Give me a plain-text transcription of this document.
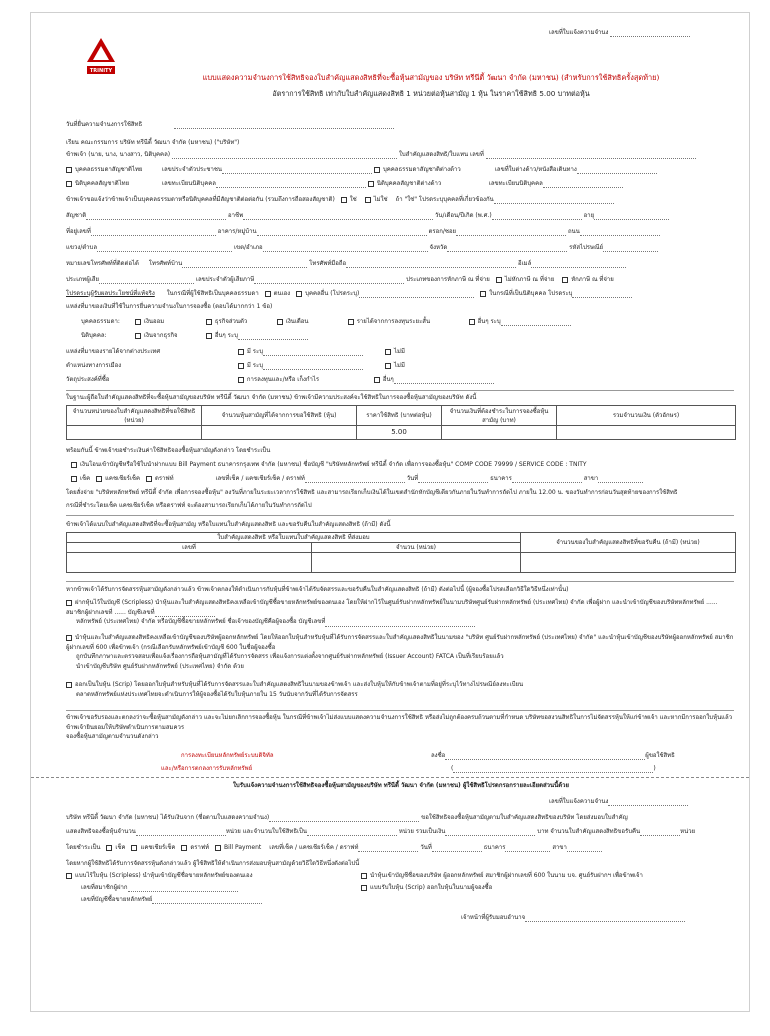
เลขที่ใบแจ้งความจำนง
TRINITY
แบบแสดงความจำนงการใช้สิทธิจองใบสำคัญแสดงสิทธิที่จะซื้อหุ้นสามัญของ บริษัท ทรีนีตี้ วัฒนา จำกัด (มหาชน) (สำหรับการใช้สิทธิครั้งสุดท้าย)
อัตราการใช้สิทธิ เท่ากับใบสำคัญแสดงสิทธิ 1 หน่วยต่อหุ้นสามัญ 1 หุ้น ในราคาใช้สิทธิ 5.00 บาทต่อหุ้น
วันที่ยื่นความจำนงการใช้สิทธิ
เรียน คณะกรรมการ บริษัท ทรีนีตี้ วัฒนา จำกัด (มหาชน) ("บริษัท")
ข้าพเจ้า (นาย, นาง, นางสาว, นิติบุคคล)	ใบสำคัญแสดงสิทธิ/ใบแทน เลขที่
บุคคลธรรมดาสัญชาติไทย	เลขประจำตัวประชาชน	บุคคลธรรมดาสัญชาติต่างด้าว	เลขที่ใบต่างด้าว/หนังสือเดินทาง
นิติบุคคลสัญชาติไทย	เลขทะเบียนนิติบุคคล	นิติบุคคลสัญชาติต่างด้าว	เลขทะเบียนนิติบุคคล
ข้าพเจ้าขอแจ้งว่าข้าพเจ้าเป็นบุคคลธรรมดาหรือนิติบุคคลที่มีสัญชาติต่อต่อกัน (รวมถึงการถือสองสัญชาติ) ใช่	ไม่ใช่ ถ้า "ใช่" โปรดระบุบุคคลที่เกี่ยวข้องกัน
สัญชาติ	อาชีพ	วัน/เดือน/ปีเกิด (พ.ศ.)	อายุ
ที่อยู่เลขที่	อาคาร/หมู่บ้าน	ตรอก/ซอย	ถนน
แขวง/ตำบล	เขต/อำเภอ	จังหวัด	รหัสไปรษณีย์
หมายเลขโทรศัพท์ที่ติดต่อได้ โทรศัพท์บ้าน	โทรศัพท์มือถือ	อีเมล์
ประเภทผู้เสีย	เลขประจำตัวผู้เสียภาษี	ประเภทของการหักภาษี ณ ที่จ่าย ไม่หักภาษี ณ ที่จ่าย	หักภาษี ณ ที่จ่าย
โปรดระบุผู้รับผลประโยชน์ที่แท้จริง ในกรณีที่ผู้ใช้สิทธิเป็นบุคคลธรรมดา ตนเอง บุคคลอื่น (โปรดระบุ)	ในกรณีที่เป็นนิติบุคคล โปรดระบุ
แหล่งที่มาของเงินที่ใช้ในการยื่นความจำนงในการจองซื้อ (ตอบได้มากกว่า 1 ข้อ)
บุคคลธรรมดา:	เงินออม	ธุรกิจส่วนตัว	เงินเดือน	รายได้จากการลงทุนระยะสั้น	อื่นๆ ระบุ
นิติบุคคล:	เงินจากธุรกิจ	อื่นๆ ระบุ
แหล่งที่มาของรายได้จากต่างประเทศ	มี ระบุ	ไม่มี
ตำแหน่งทางการเมือง	มี ระบุ	ไม่มี
วัตถุประสงค์ที่ซื้อ	การลงทุนและ/หรือ เก็งกำไร	อื่นๆ
ในฐานะผู้ถือใบสำคัญแสดงสิทธิที่จะซื้อหุ้นสามัญของบริษัท ทรีนีตี้ วัฒนา จำกัด (มหาชน) ข้าพเจ้ามีความประสงค์จะใช้สิทธิในการจองซื้อหุ้นสามัญของบริษัท ดังนี้
จำนวนหน่วยของใบสำคัญแสดงสิทธิที่ขอใช้สิทธิ (หน่วย)	จำนวนหุ้นสามัญที่ได้จากการขอใช้สิทธิ (หุ้น)	ราคาใช้สิทธิ (บาทต่อหุ้น)	จำนวนเงินที่ต้องชำระในการจองซื้อหุ้นสามัญ (บาท)	รวมจำนวนเงิน (ตัวอักษร)
		5.00		
พร้อมกันนี้ ข้าพเจ้าขอชำระเงินค่าใช้สิทธิจองซื้อหุ้นสามัญดังกล่าว โดยชำระเป็น
เงินโอนเข้าบัญชีหรือใช้ใบนำฝากแบบ Bill Payment ธนาคารกรุงเทพ จำกัด (มหาชน) ชื่อบัญชี "บริษัทหลักทรัพย์ ทรีนีตี้ จำกัด เพื่อการจองซื้อหุ้น" COMP CODE 79999 / SERVICE CODE : TNITY
เช็ค แคชเชียร์เช็ค ดราฟท์	เลขที่เช็ค / แคชเชียร์เช็ค / ดราฟท์	วันที่	ธนาคาร	สาขา
โดยสั่งจ่าย "บริษัทหลักทรัพย์ ทรีนีตี้ จำกัด เพื่อการจองซื้อหุ้น" ลงวันที่ภายในระยะเวลาการใช้สิทธิ และสามารถเรียกเก็บเงินได้ในเขตสำนักหักบัญชีเดียวกันภายในวันทำการถัดไป ภายใน 12.00 น. ของวันทำการก่อนวันสุดท้ายของการใช้สิทธิ
กรณีที่ชำระโดยเช็ค แคชเชียร์เช็ค หรือดราฟท์ จะต้องสามารถเรียกเก็บได้ภายในวันทำการถัดไป
ข้าพเจ้าได้แนบใบสำคัญแสดงสิทธิที่จะซื้อหุ้นสามัญ หรือใบแทนใบสำคัญแสดงสิทธิ และขอรับคืนใบสำคัญแสดงสิทธิ (ถ้ามี) ดังนี้
ใบสำคัญแสดงสิทธิ หรือใบแทนใบสำคัญแสดงสิทธิ ที่ส่งมอบ		จำนวนของใบสำคัญแสดงสิทธิที่ขอรับคืน (ถ้ามี) (หน่วย)
เลขที่	จำนวน (หน่วย)	

หากข้าพเจ้าได้รับการจัดสรรหุ้นสามัญดังกล่าวแล้ว ข้าพเจ้าตกลงให้ดำเนินการกับหุ้นที่ข้าพเจ้าได้รับจัดสรรและขอรับคืนใบสำคัญแสดงสิทธิ (ถ้ามี) ดังต่อไปนี้ (ผู้จองซื้อโปรดเลือกวิธีใดวิธีหนึ่งเท่านั้น)
ฝากหุ้นไว้ในบัญชี (Scripless) นำหุ้นและใบสำคัญแสดงสิทธิคงเหลือเข้าบัญชีซื้อขายหลักทรัพย์ของตนเอง โดยให้ฝากไว้ในศูนย์รับฝากหลักทรัพย์ในนามบริษัทศูนย์รับฝากหลักทรัพย์ (ประเทศไทย) จำกัด เพื่อผู้ฝาก และนำเข้าบัญชีของบริษัทหลักทรัพย์ ...... สมาชิกผู้ฝากเลขที่ ...... บัญชีเลขที่
หลักทรัพย์ (ประเทศไทย) จำกัด หรือบัญชีซื้อขายหลักทรัพย์ ชื่อเจ้าของบัญชีคือผู้จองซื้อ บัญชีเลขที่
นำหุ้นและใบสำคัญแสดงสิทธิคงเหลือเข้าบัญชีของบริษัทผู้ออกหลักทรัพย์ โดยให้ออกใบหุ้นสำหรับหุ้นที่ได้รับการจัดสรรและใบสำคัญแสดงสิทธิในนามของ "บริษัท ศูนย์รับฝากหลักทรัพย์ (ประเทศไทย) จำกัด" และนำหุ้นเข้าบัญชีของบริษัทผู้ออกหลักทรัพย์ สมาชิกผู้ฝากเลขที่ 600 เพื่อข้าพเจ้า (กรณีเลือกรับหลักทรัพย์เข้าบัญชี 600 ในชื่อผู้จองซื้อ
ถูกบันทึกภาษาและตรวจสอบเพื่อแจ้งเรื่องการถือหุ้นสามัญที่ได้รับการจัดสรร เพื่อแจ้งการแต่งตั้งจากศูนย์รับฝากหลักทรัพย์ (Issuer Account) FATCA เป็นที่เรียบร้อยแล้ว
นำเข้าบัญชีบริษัท ศูนย์รับฝากหลักทรัพย์ (ประเทศไทย) จำกัด ด้วย
ออกเป็นใบหุ้น (Scrip) โดยออกใบหุ้นสำหรับหุ้นที่ได้รับการจัดสรรและใบสำคัญแสดงสิทธิในนามของข้าพเจ้า และส่งใบหุ้นให้กับข้าพเจ้าตามที่อยู่ที่ระบุไว้ทางไปรษณีย์ลงทะเบียน
ตลาดหลักทรัพย์แห่งประเทศไทยจะดำเนินการให้ผู้จองซื้อได้รับใบหุ้นภายใน 15 วันนับจากวันที่ได้รับการจัดสรร
ข้าพเจ้าขอรับรองและตกลงว่าจะซื้อหุ้นสามัญดังกล่าว และจะไม่ยกเลิกการจองซื้อหุ้น ในกรณีที่ข้าพเจ้าไม่ส่งแบบแสดงความจำนงการใช้สิทธิ หรือส่งไม่ถูกต้องครบถ้วนตามที่กำหนด บริษัทขอสงวนสิทธิในการไม่จัดสรรหุ้นให้แก่ข้าพเจ้า และหากมีการออกใบหุ้นแล้วข้าพเจ้ายินยอมให้บริษัทดำเนินการตามสมควร
จองซื้อหุ้นสามัญตามจำนวนดังกล่าว
การลงทะเบียนหลักทรัพย์ระบบดิจิทัล
และ/หรือการตกลงการรับหลักทรัพย์
ลงชื่อ	ผู้ขอใช้สิทธิ
(	)
ใบรับแจ้งความจำนงการใช้สิทธิจองซื้อหุ้นสามัญของบริษัท ทรีนีตี้ วัฒนา จำกัด (มหาชน) ผู้ใช้สิทธิโปรดกรอกรายละเอียดส่วนนี้ด้วย
เลขที่ใบแจ้งความจำนง
บริษัท ทรีนีตี้ วัฒนา จำกัด (มหาชน) ได้รับเงินจาก (ชื่อตามใบแสดงความจำนง)	ขอใช้สิทธิจองซื้อหุ้นสามัญตามใบสำคัญแสดงสิทธิของบริษัท โดยส่งมอบใบสำคัญ
แสดงสิทธิจองซื้อหุ้นจำนวน	หน่วย และจำนวนใบใช้สิทธิเป็น	หน่วย รวมเป็นเงิน	บาท จำนวนใบสำคัญแสดงสิทธิขอรับคืน	หน่วย
โดยชำระเป็น เช็ค แคชเชียร์เช็ค ดราฟท์ Bill Payment เลขที่เช็ค / แคชเชียร์เช็ค / ดราฟท์	วันที่	ธนาคาร	สาขา
โดยหากผู้ใช้สิทธิได้รับการจัดสรรหุ้นดังกล่าวแล้ว ผู้ใช้สิทธิให้ดำเนินการส่งมอบหุ้นสามัญด้วยวิธีใดวิธีหนึ่งดังต่อไปนี้
แบบไร้ใบหุ้น (Scripless) นำหุ้นเข้าบัญชีชื่อขายหลักทรัพย์ของตนเอง
เลขที่สมาชิกผู้ฝาก
เลขที่บัญชีซื้อขายหลักทรัพย์
นำหุ้นเข้าบัญชีชื่อของบริษัท ผู้ออกหลักทรัพย์ สมาชิกผู้ฝากเลขที่ 600 ในนาม บจ. ศูนย์รับฝากฯ เพื่อข้าพเจ้า
แบบรับใบหุ้น (Scrip) ออกใบหุ้นในนามผู้จองซื้อ
เจ้าหน้าที่ผู้รับมอบอำนาจ
